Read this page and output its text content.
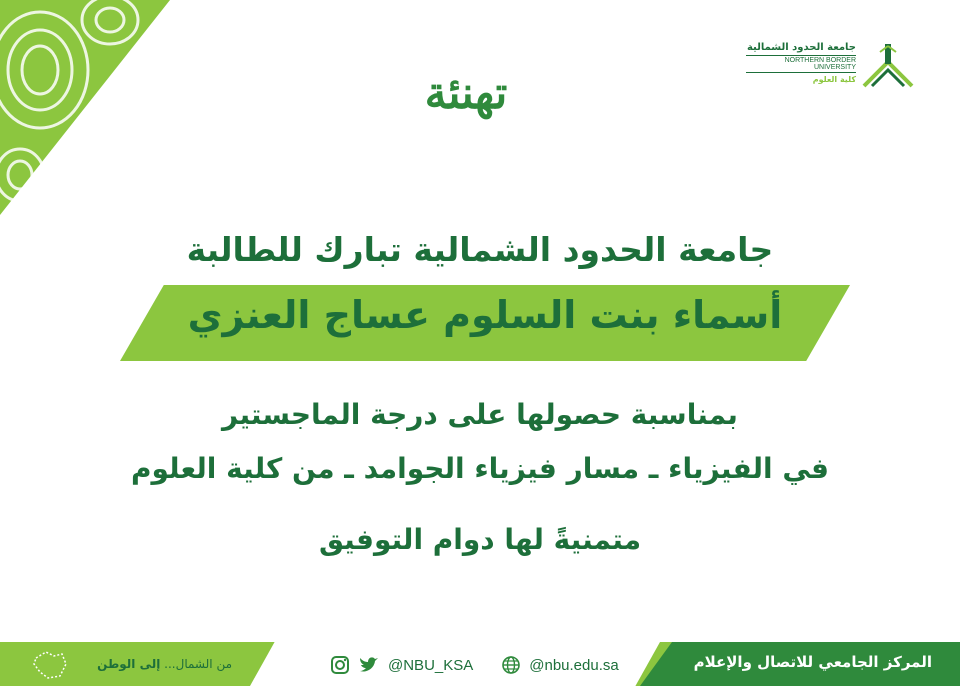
تهنئة
جامعة الحدود الشمالية
NORTHERN BORDER UNIVERSITY
كلية العلوم
جامعة الحدود الشمالية تبارك للطالبة
أسماء بنت السلوم عساج العنزي
بمناسبة حصولها على درجة الماجستير
في الفيزياء ـ مسار فيزياء الجوامد ـ من كلية العلوم
متمنيةً لها دوام التوفيق
من الشمال... إلى الوطن	@NBU_KSA	@nbu.edu.sa	المركز الجامعي للاتصال والإعلام
